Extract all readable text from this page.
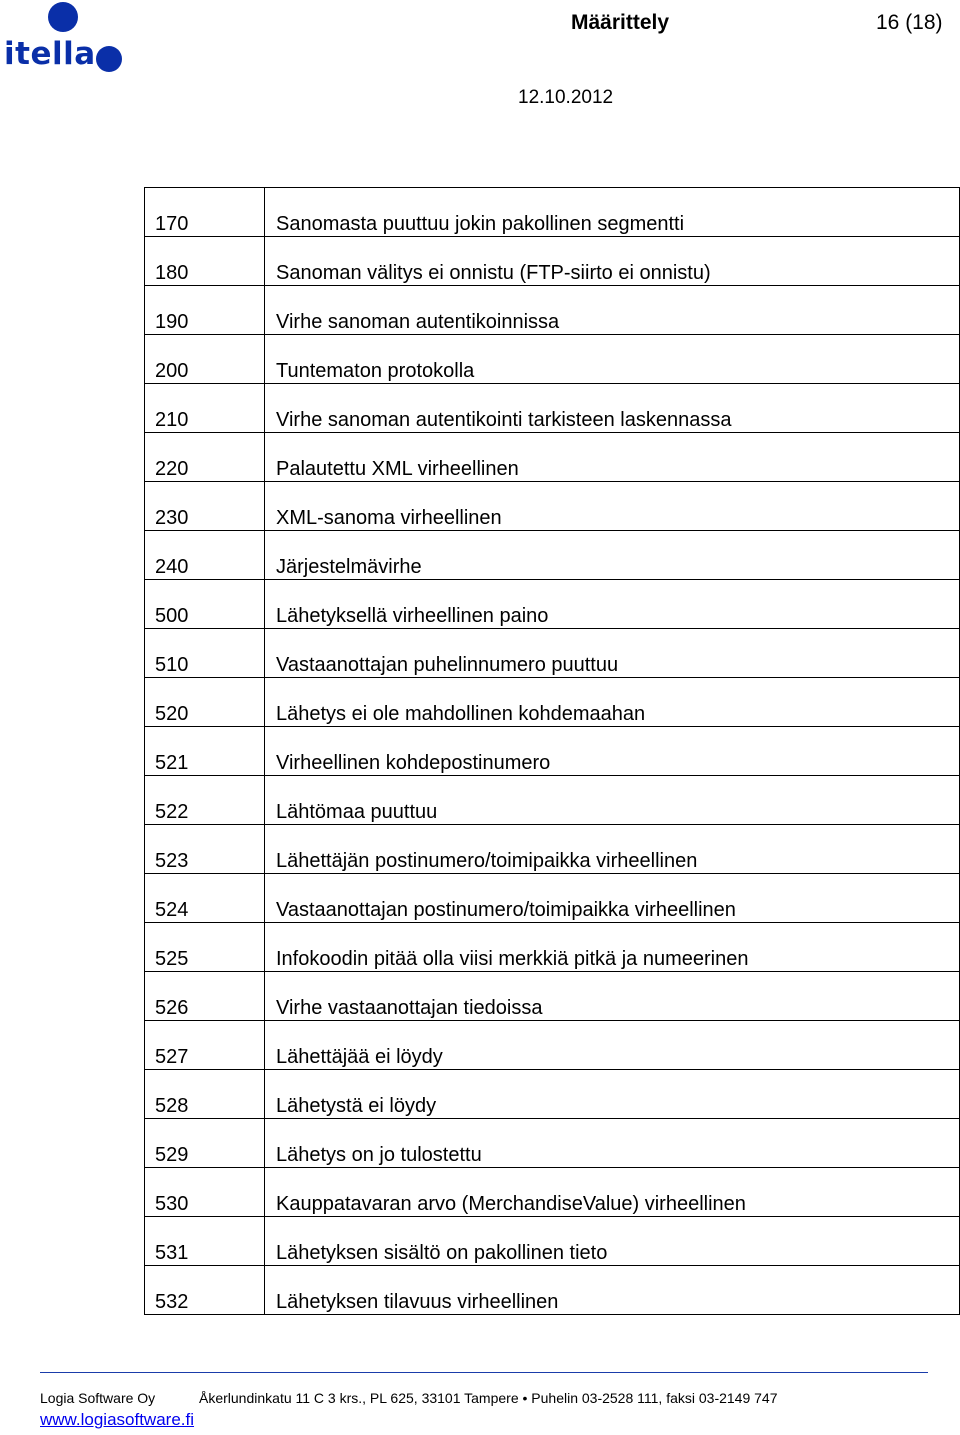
itella
Määrittely	16 (18)
12.10.2012
170	Sanomasta puuttuu jokin pakollinen segmentti
180	Sanoman välitys ei onnistu (FTP-siirto ei onnistu)
190	Virhe sanoman autentikoinnissa
200	Tuntematon protokolla
210	Virhe sanoman autentikointi tarkisteen laskennassa
220	Palautettu XML virheellinen
230	XML-sanoma virheellinen
240	Järjestelmävirhe
500	Lähetyksellä virheellinen paino
510	Vastaanottajan puhelinnumero puuttuu
520	Lähetys ei ole mahdollinen kohdemaahan
521	Virheellinen kohdepostinumero
522	Lähtömaa puuttuu
523	Lähettäjän postinumero/toimipaikka virheellinen
524	Vastaanottajan postinumero/toimipaikka virheellinen
525	Infokoodin pitää olla viisi merkkiä pitkä ja numeerinen
526	Virhe vastaanottajan tiedoissa
527	Lähettäjää ei löydy
528	Lähetystä ei löydy
529	Lähetys on jo tulostettu
530	Kauppatavaran arvo (MerchandiseValue) virheellinen
531	Lähetyksen sisältö on pakollinen tieto
532	Lähetyksen tilavuus virheellinen
Logia Software Oy	Åkerlundinkatu 11 C 3 krs., PL 625, 33101 Tampere • Puhelin 03-2528 111, faksi 03-2149 747
www.logiasoftware.fi
